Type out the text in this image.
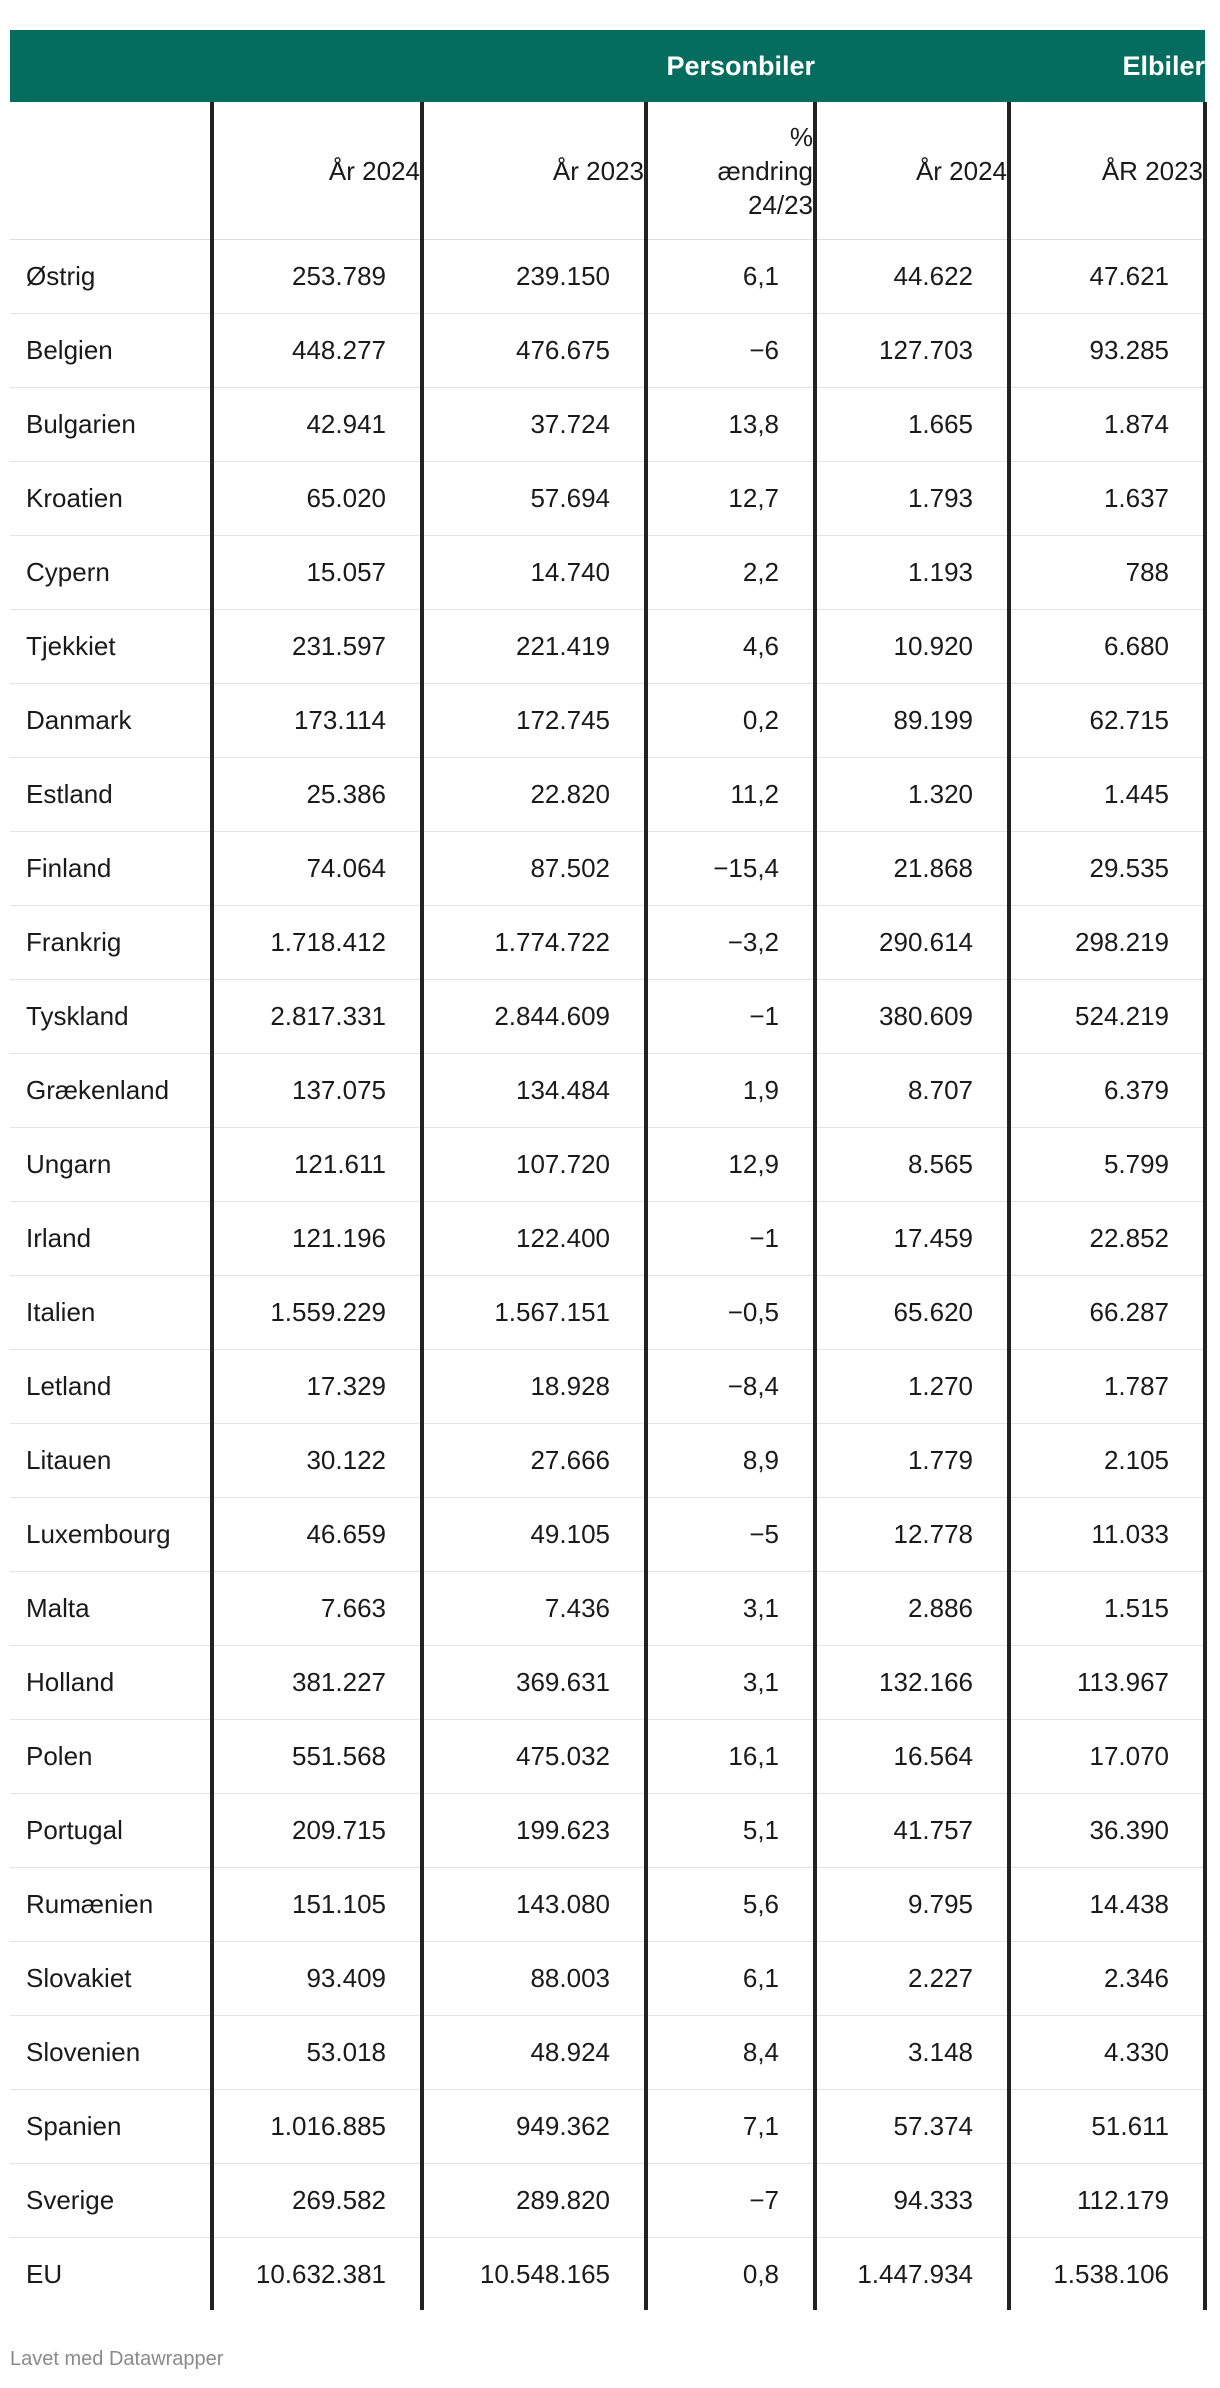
	Personbiler			Elbiler	
	År 2024	År 2023	%
ændring
24/23	År 2024	ÅR 2023
Østrig	253.789	239.150	6,1	44.622	47.621
Belgien	448.277	476.675	−6	127.703	93.285
Bulgarien	42.941	37.724	13,8	1.665	1.874
Kroatien	65.020	57.694	12,7	1.793	1.637
Cypern	15.057	14.740	2,2	1.193	788
Tjekkiet	231.597	221.419	4,6	10.920	6.680
Danmark	173.114	172.745	0,2	89.199	62.715
Estland	25.386	22.820	11,2	1.320	1.445
Finland	74.064	87.502	−15,4	21.868	29.535
Frankrig	1.718.412	1.774.722	−3,2	290.614	298.219
Tyskland	2.817.331	2.844.609	−1	380.609	524.219
Grækenland	137.075	134.484	1,9	8.707	6.379
Ungarn	121.611	107.720	12,9	8.565	5.799
Irland	121.196	122.400	−1	17.459	22.852
Italien	1.559.229	1.567.151	−0,5	65.620	66.287
Letland	17.329	18.928	−8,4	1.270	1.787
Litauen	30.122	27.666	8,9	1.779	2.105
Luxembourg	46.659	49.105	−5	12.778	11.033
Malta	7.663	7.436	3,1	2.886	1.515
Holland	381.227	369.631	3,1	132.166	113.967
Polen	551.568	475.032	16,1	16.564	17.070
Portugal	209.715	199.623	5,1	41.757	36.390
Rumænien	151.105	143.080	5,6	9.795	14.438
Slovakiet	93.409	88.003	6,1	2.227	2.346
Slovenien	53.018	48.924	8,4	3.148	4.330
Spanien	1.016.885	949.362	7,1	57.374	51.611
Sverige	269.582	289.820	−7	94.333	112.179
EU	10.632.381	10.548.165	0,8	1.447.934	1.538.106
Lavet med Datawrapper
